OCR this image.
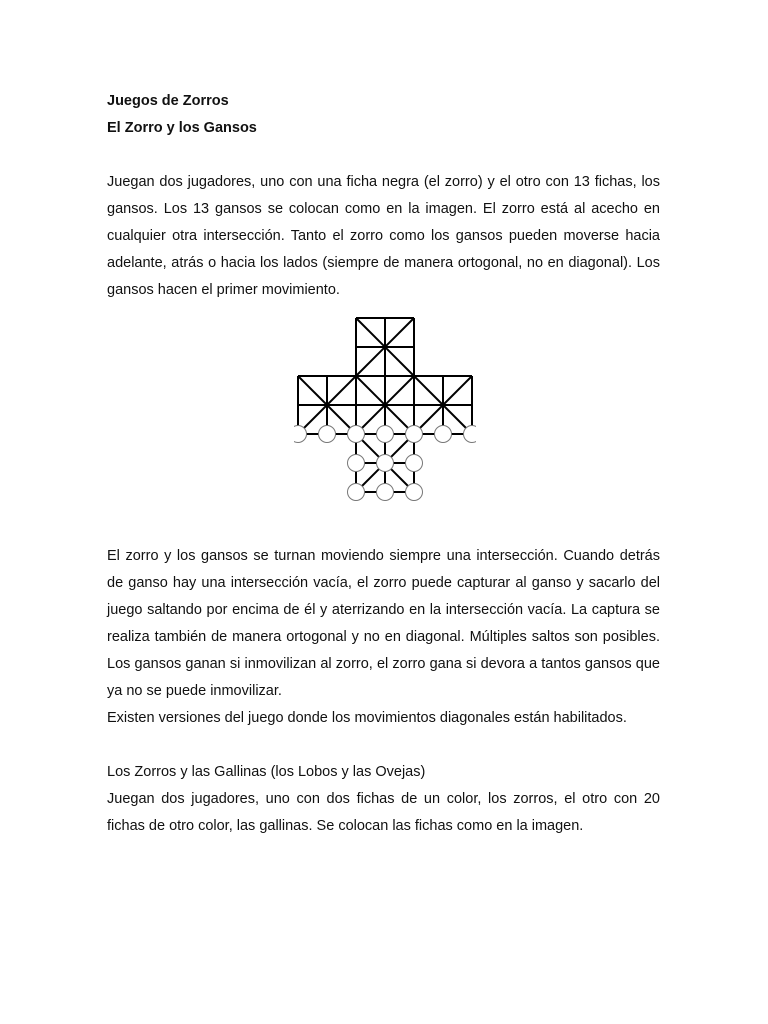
Juegos de Zorros

El Zorro y los Gansos

Juegan dos jugadores, uno con una ficha negra (el zorro) y el otro con 13 fichas, los gansos. Los 13 gansos se colocan como en la imagen. El zorro está al acecho en cualquier otra intersección. Tanto el zorro como los gansos pueden moverse hacia adelante, atrás o hacia los lados (siempre de manera ortogonal, no en diagonal). Los gansos hacen el primer movimiento.

El zorro y los gansos se turnan moviendo siempre una intersección. Cuando detrás de ganso hay una intersección vacía, el zorro puede capturar al ganso y sacarlo del juego saltando por encima de él y aterrizando en la intersección vacía. La captura se realiza también de manera ortogonal y no en diagonal. Múltiples saltos son posibles. Los gansos ganan si inmovilizan al zorro, el zorro gana si devora a tantos gansos que ya no se puede inmovilizar.

Existen versiones del juego donde los movimientos diagonales están habilitados.

Los Zorros y las Gallinas (los Lobos y las Ovejas)

Juegan dos jugadores, uno con dos fichas de un color, los zorros, el otro con 20 fichas de otro color, las gallinas. Se colocan las fichas como en la imagen.
